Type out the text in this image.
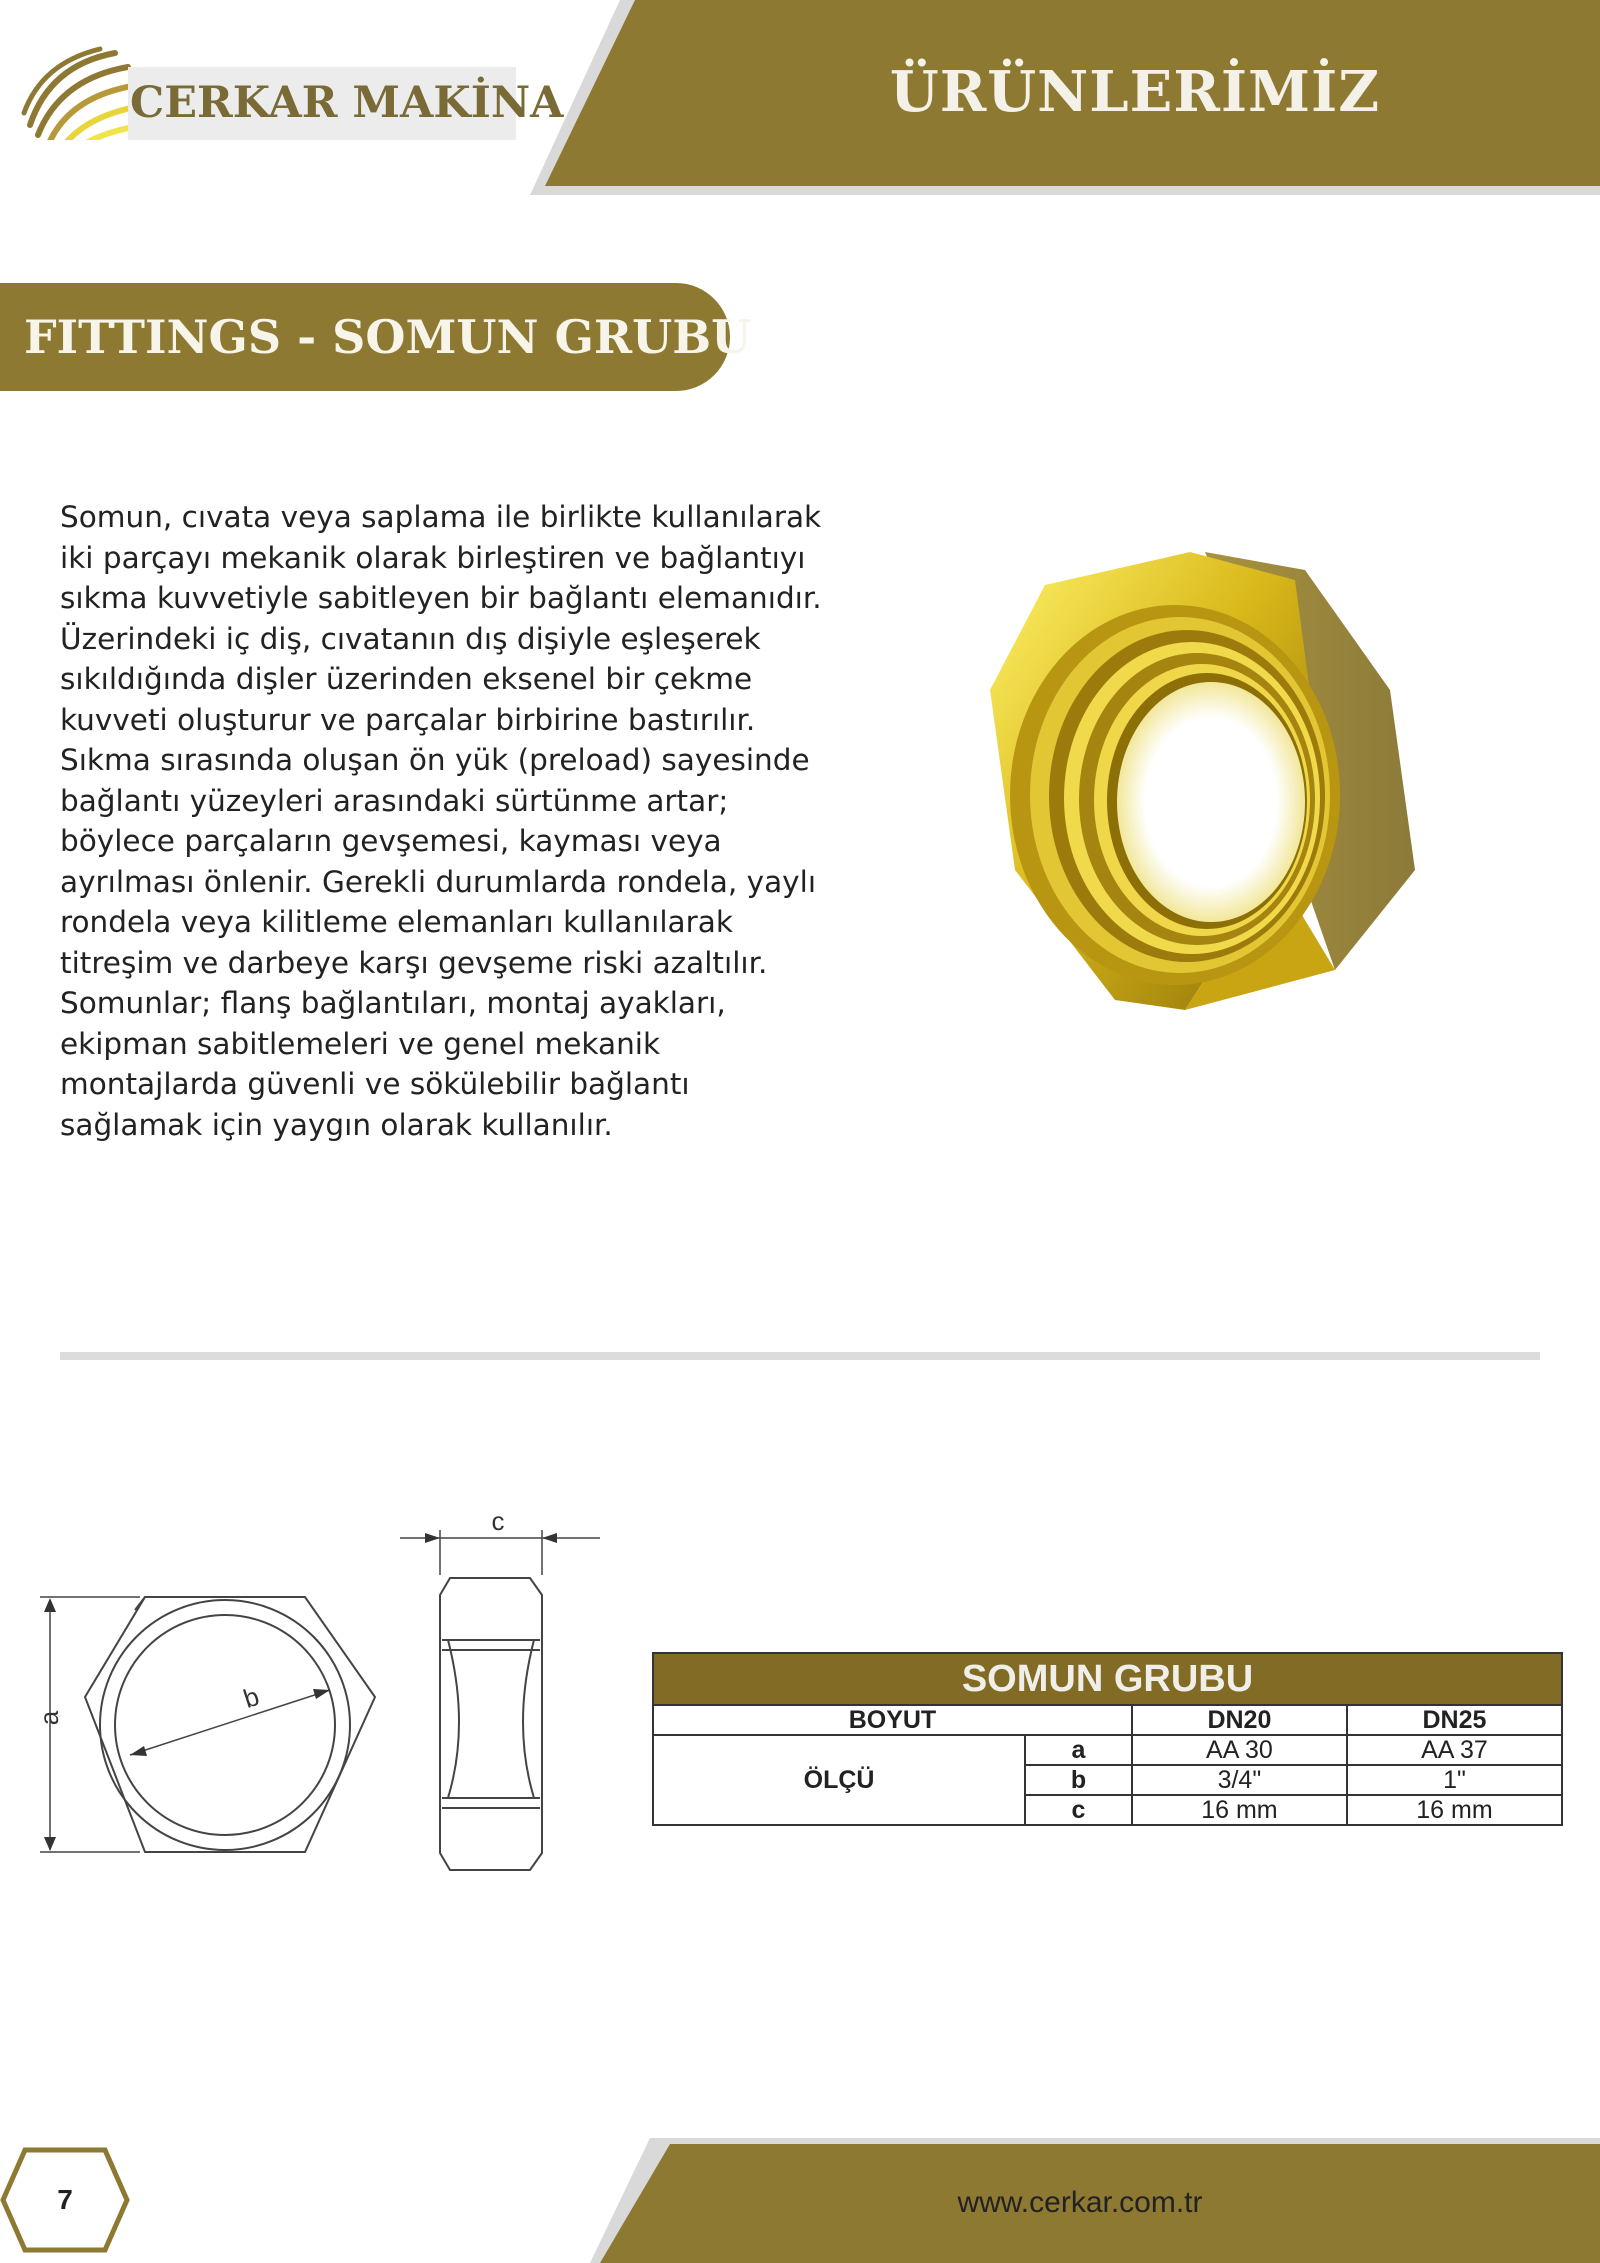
CERKAR MAKİNA	ÜRÜNLERİMİZ
FITTINGS - SOMUN GRUBU
Somun, cıvata veya saplama ile birlikte kullanılarak iki parçayı mekanik olarak birleştiren ve bağlantıyı sıkma kuvvetiyle sabitleyen bir bağlantı elemanıdır. Üzerindeki iç diş, cıvatanın dış dişiyle eşleşerek sıkıldığında dişler üzerinden eksenel bir çekme kuvveti oluşturur ve parçalar birbirine bastırılır. Sıkma sırasında oluşan ön yük (preload) sayesinde bağlantı yüzeyleri arasındaki sürtünme artar; böylece parçaların gevşemesi, kayması veya ayrılması önlenir. Gerekli durumlarda rondela, yaylı rondela veya kilitleme elemanları kullanılarak titreşim ve darbeye karşı gevşeme riski azaltılır. Somunlar; flanş bağlantıları, montaj ayakları, ekipman sabitlemeleri ve genel mekanik montajlarda güvenli ve sökülebilir bağlantı sağlamak için yaygın olarak kullanılır.
a
b
c
SOMUN GRUBU			
BOYUT		DN20	DN25
ÖLÇÜ	a	AA 30	AA 37
	b	3/4"	1"
	c	16 mm	16 mm
7	www.cerkar.com.tr
